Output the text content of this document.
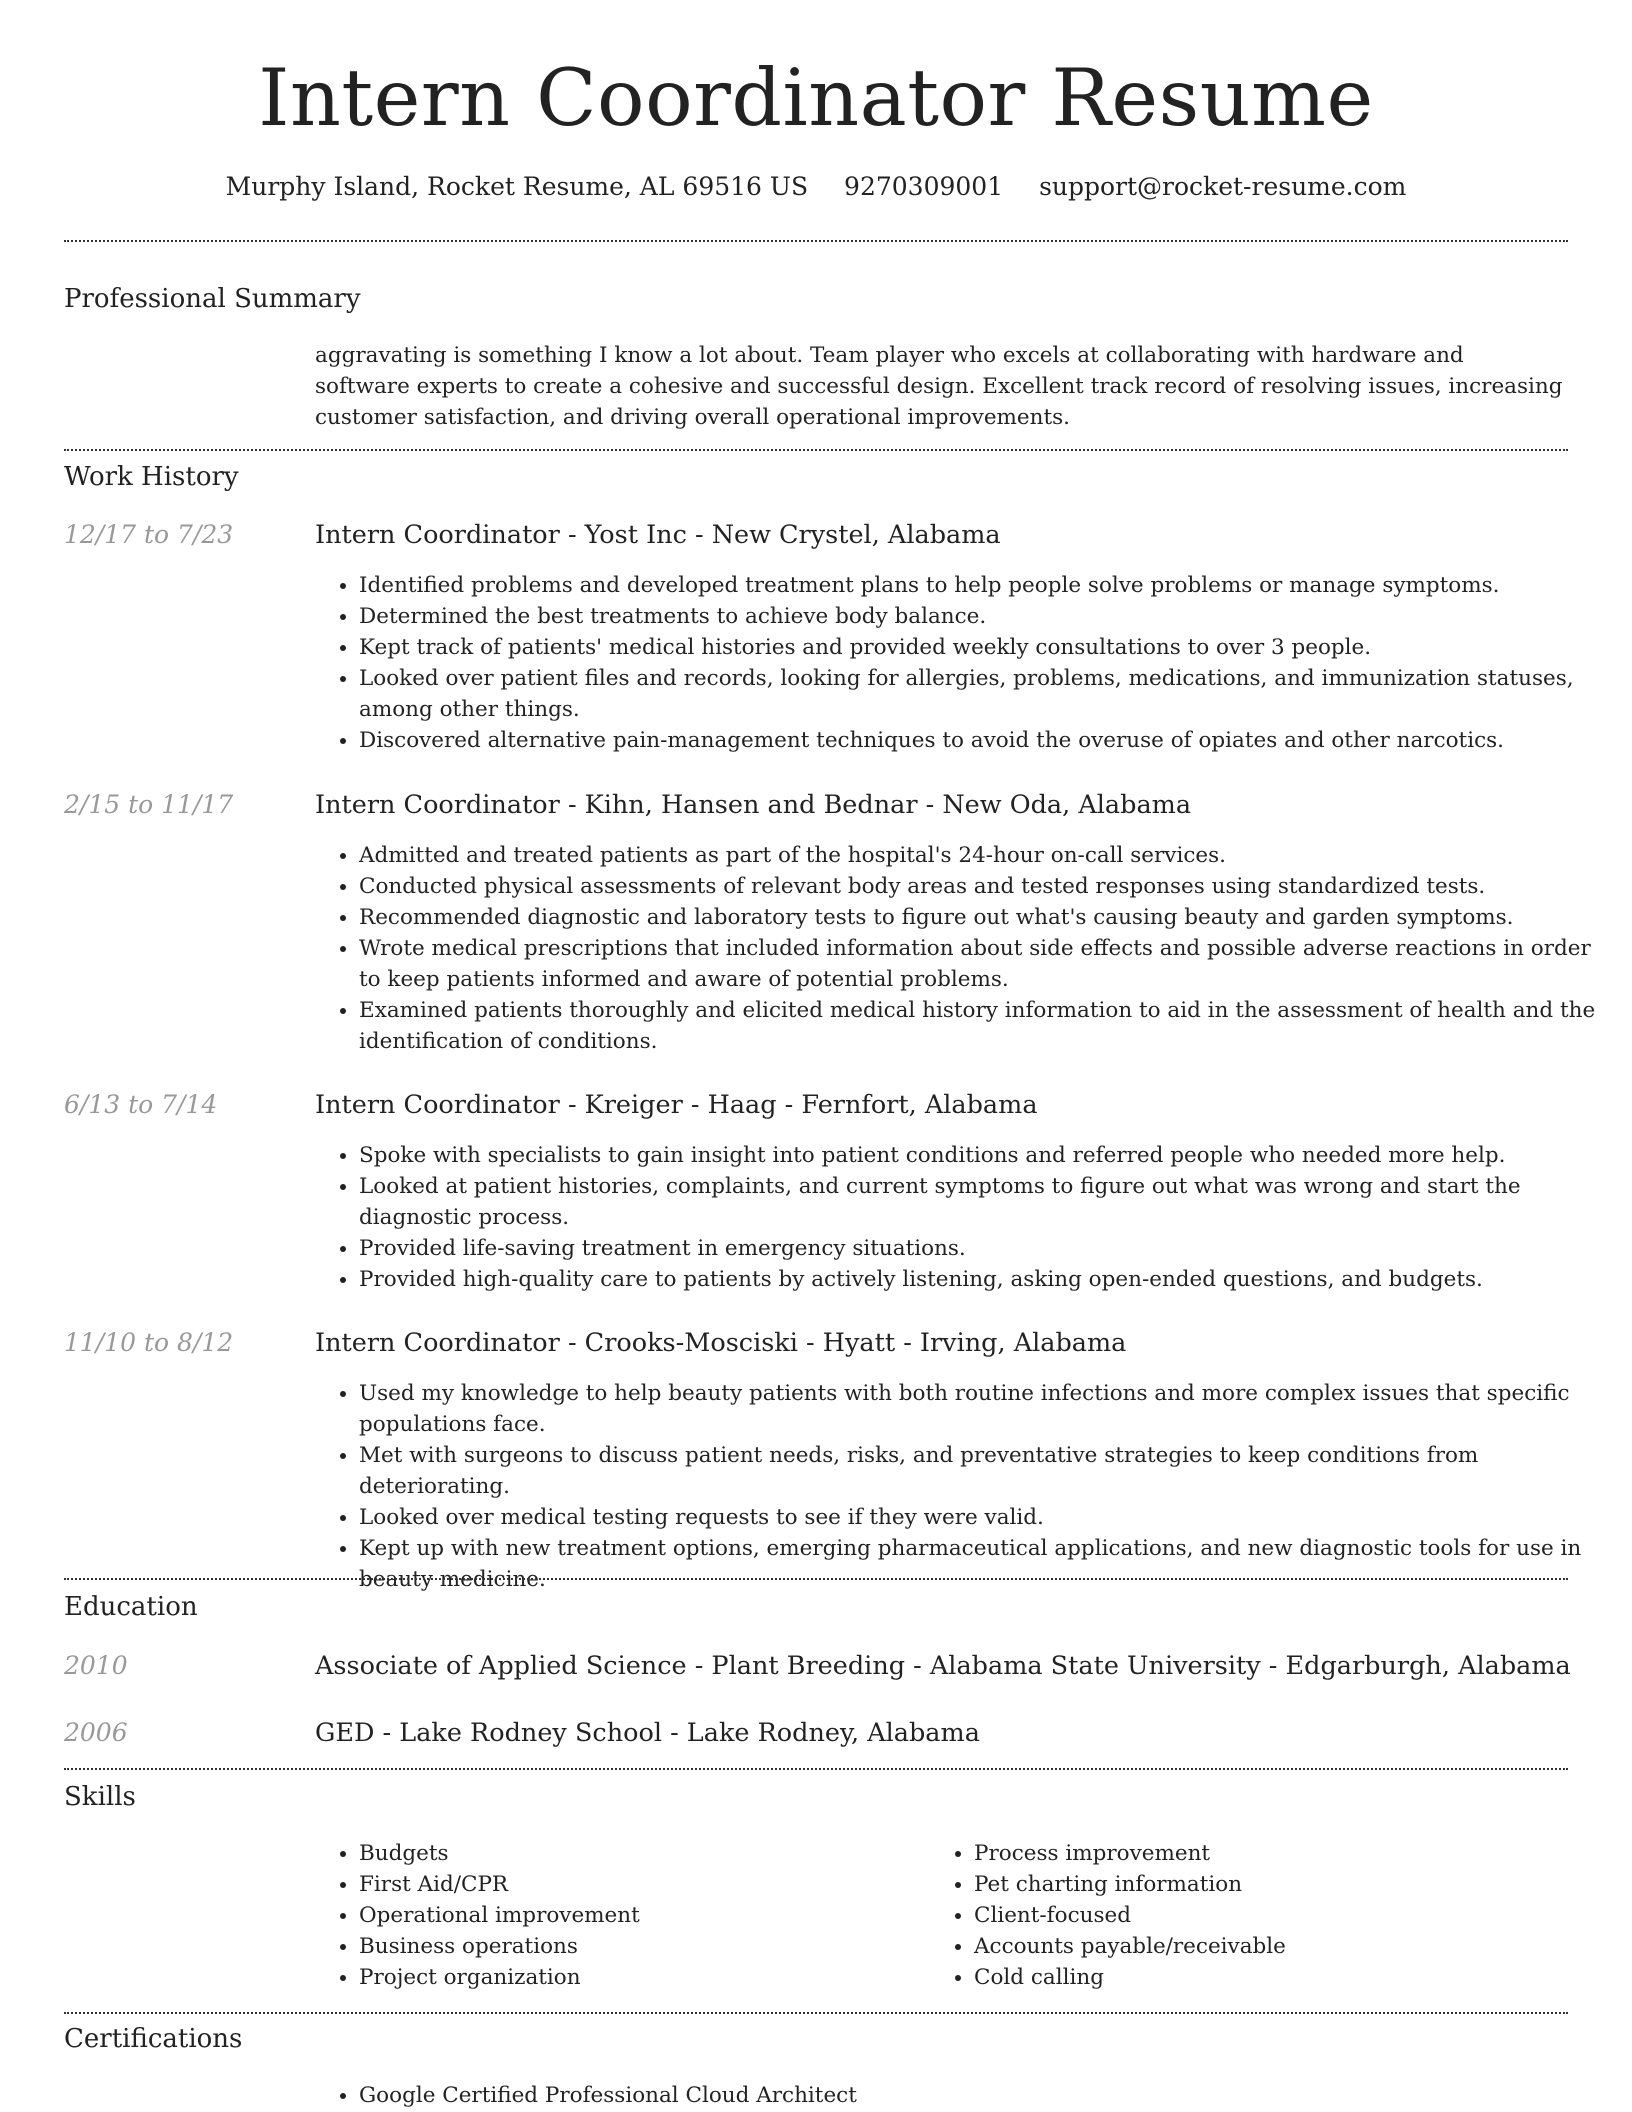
Intern Coordinator Resume
Murphy Island, Rocket Resume, AL 69516 US 9270309001 support@rocket-resume.com
Professional Summary

aggravating is something I know a lot about. Team player who excels at collaborating with hardware and software experts to create a cohesive and successful design. Excellent track record of resolving issues, increasing customer satisfaction, and driving overall operational improvements.

Work History
12/17 to 7/23	Intern Coordinator - Yost Inc - New Crystel, Alabama
• Identified problems and developed treatment plans to help people solve problems or manage symptoms.
• Determined the best treatments to achieve body balance.
• Kept track of patients' medical histories and provided weekly consultations to over 3 people.
• Looked over patient files and records, looking for allergies, problems, medications, and immunization statuses, among other things.
• Discovered alternative pain-management techniques to avoid the overuse of opiates and other narcotics.
2/15 to 11/17	Intern Coordinator - Kihn, Hansen and Bednar - New Oda, Alabama
• Admitted and treated patients as part of the hospital's 24-hour on-call services.
• Conducted physical assessments of relevant body areas and tested responses using standardized tests.
• Recommended diagnostic and laboratory tests to figure out what's causing beauty and garden symptoms.
• Wrote medical prescriptions that included information about side effects and possible adverse reactions in order to keep patients informed and aware of potential problems.
• Examined patients thoroughly and elicited medical history information to aid in the assessment of health and the identification of conditions.
6/13 to 7/14	Intern Coordinator - Kreiger - Haag - Fernfort, Alabama
• Spoke with specialists to gain insight into patient conditions and referred people who needed more help.
• Looked at patient histories, complaints, and current symptoms to figure out what was wrong and start the diagnostic process.
• Provided life-saving treatment in emergency situations.
• Provided high-quality care to patients by actively listening, asking open-ended questions, and budgets.
11/10 to 8/12	Intern Coordinator - Crooks-Mosciski - Hyatt - Irving, Alabama
• Used my knowledge to help beauty patients with both routine infections and more complex issues that specific populations face.
• Met with surgeons to discuss patient needs, risks, and preventative strategies to keep conditions from deteriorating.
• Looked over medical testing requests to see if they were valid.
• Kept up with new treatment options, emerging pharmaceutical applications, and new diagnostic tools for use in beauty medicine.
Education
2010	Associate of Applied Science - Plant Breeding - Alabama State University - Edgarburgh, Alabama
2006	GED - Lake Rodney School - Lake Rodney, Alabama
Skills
• Budgets
• First Aid/CPR
• Operational improvement
• Business operations
• Project organization
• Process improvement
• Pet charting information
• Client-focused
• Accounts payable/receivable
• Cold calling
Certifications
• Google Certified Professional Cloud Architect
